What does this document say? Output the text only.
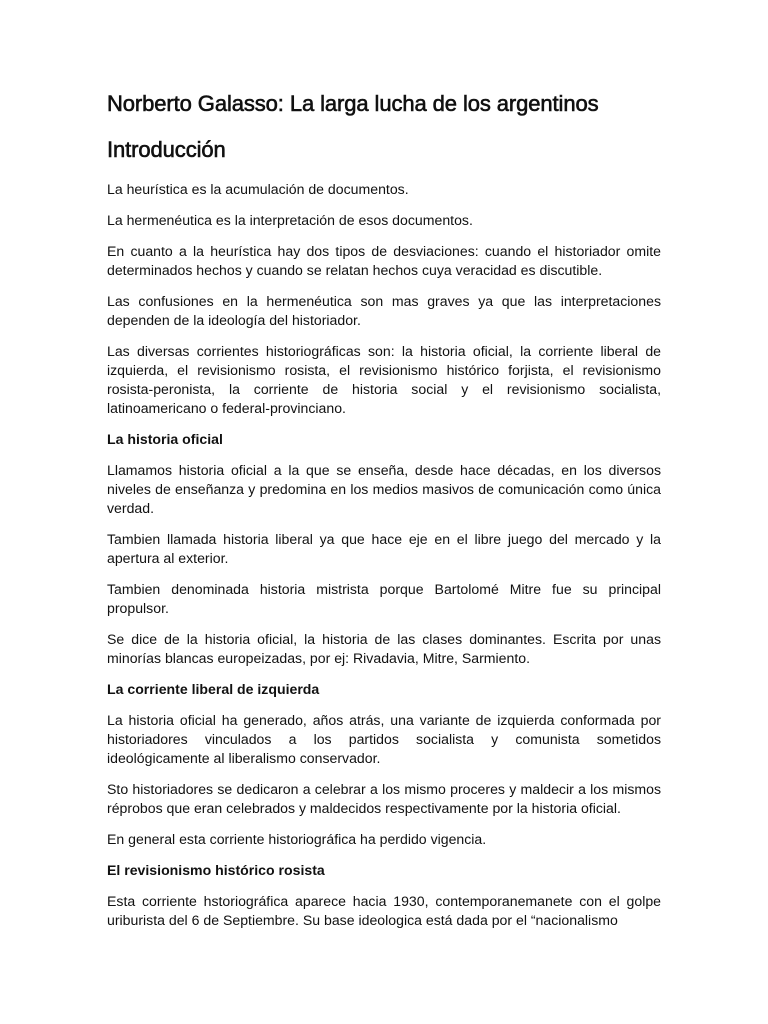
Norberto Galasso: La larga lucha de los argentinos
Introducción

La heurística es la acumulación de documentos.

La hermenéutica es la interpretación de esos documentos.

En cuanto a la heurística hay dos tipos de desviaciones: cuando el historiador omite determinados hechos y cuando se relatan hechos cuya veracidad es discutible.

Las confusiones en la hermenéutica son mas graves ya que las interpretaciones dependen de la ideología del historiador.

Las diversas corrientes historiográficas son: la historia oficial, la corriente liberal de izquierda, el revisionismo rosista, el revisionismo histórico forjista, el revisionismo rosista-peronista, la corriente de historia social y el revisionismo socialista, latinoamericano o federal-provinciano.

La historia oficial

Llamamos historia oficial a la que se enseña, desde hace décadas, en los diversos niveles de enseñanza y predomina en los medios masivos de comunicación como única verdad.

Tambien llamada historia liberal ya que hace eje en el libre juego del mercado y la apertura al exterior.

Tambien denominada historia mistrista porque Bartolomé Mitre fue su principal propulsor.

Se dice de la historia oficial, la historia de las clases dominantes. Escrita por unas minorías blancas europeizadas, por ej: Rivadavia, Mitre, Sarmiento.

La corriente liberal de izquierda

La historia oficial ha generado, años atrás, una variante de izquierda conformada por historiadores vinculados a los partidos socialista y comunista sometidos ideológicamente al liberalismo conservador.

Sto historiadores se dedicaron a celebrar a los mismo proceres y maldecir a los mismos réprobos que eran celebrados y maldecidos respectivamente por la historia oficial.

En general esta corriente historiográfica ha perdido vigencia.

El revisionismo histórico rosista

Esta corriente hstoriográfica aparece hacia 1930, contemporanemanete con el golpe uriburista del 6 de Septiembre. Su base ideologica está dada por el “nacionalismo
